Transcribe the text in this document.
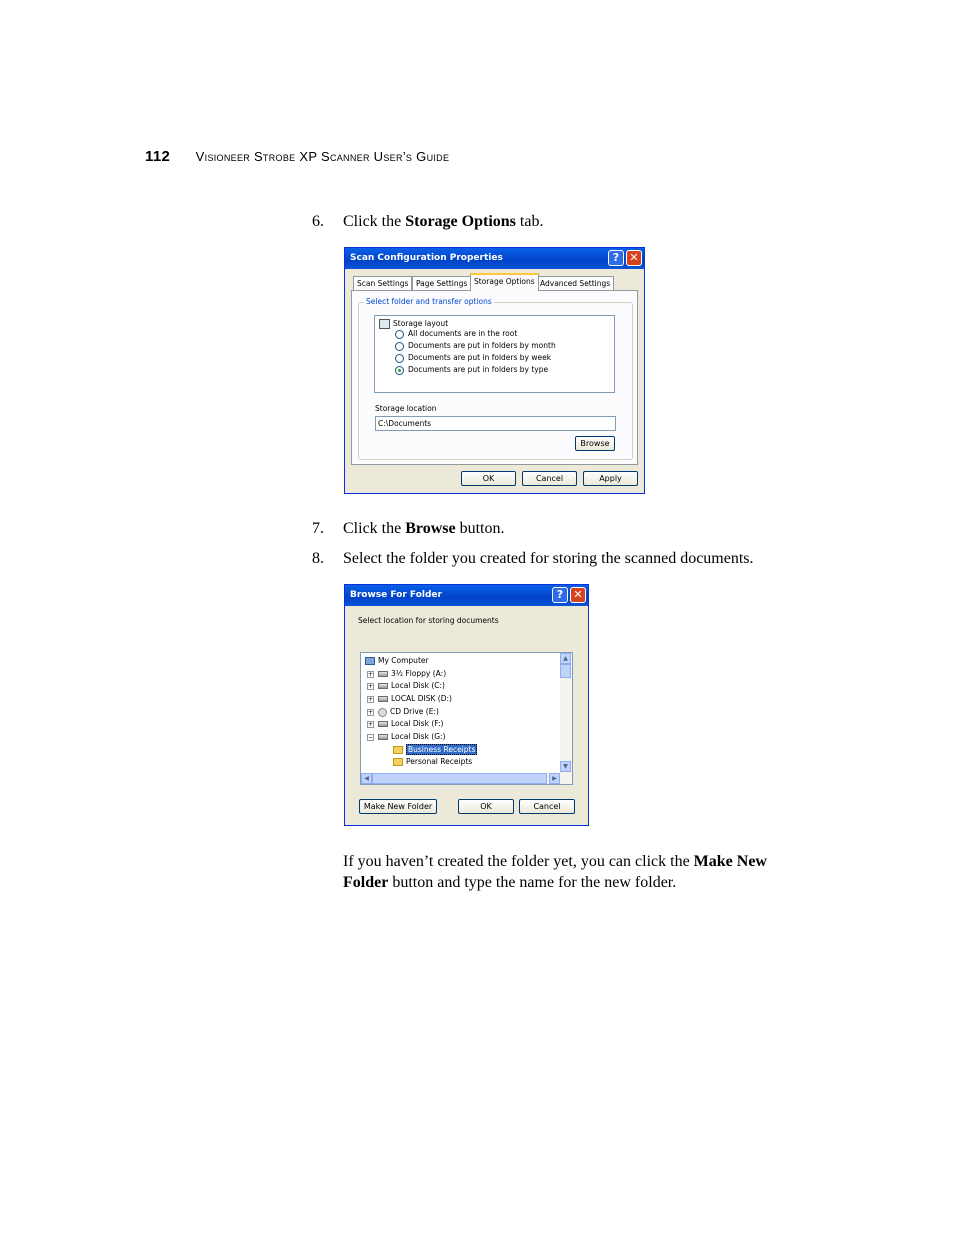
112 Visioneer Strobe XP Scanner User’s Guide
6. Click the Storage Options tab.
Scan Configuration Properties	? ✕
Scan Settings	Page Settings Storage Options Advanced Settings
Select folder and transfer options
Storage layout
All documents are in the root
Documents are put in folders by month
Documents are put in folders by week
Documents are put in folders by type
Storage location
C:\Documents
Browse
OK	Cancel	Apply
7. Click the Browse button.
8. Select the folder you created for storing the scanned documents.
Browse For Folder	? ✕
Select location for storing documents
My Computer
+ 3½ Floppy (A:)
+ Local Disk (C:)
+ LOCAL DISK (D:)
+ CD Drive (E:)
+ Local Disk (F:)
− Local Disk (G:)
Business Receipts
Personal Receipts
▲
▼
◀	▶
Make New Folder	OK	Cancel
If you haven’t created the folder yet, you can click the Make New Folder button and type the name for the new folder.
